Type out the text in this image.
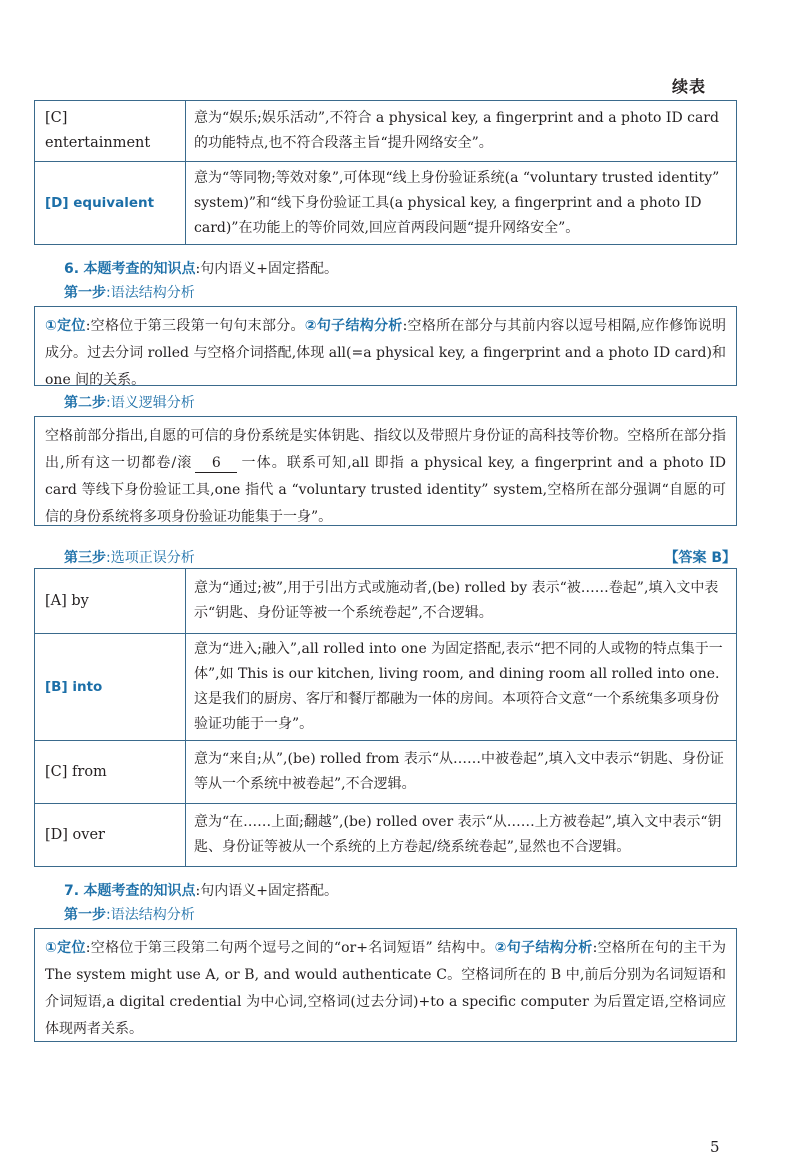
续表
[C] entertainment	意为“娱乐;娱乐活动”,不符合 a physical key, a fingerprint and a photo ID card 的功能特点,也不符合段落主旨“提升网络安全”。
[D] equivalent	意为“等同物;等效对象”,可体现“线上身份验证系统(a “voluntary trusted identity” system)”和“线下身份验证工具(a physical key, a fingerprint and a photo ID card)”在功能上的等价同效,回应首两段问题“提升网络安全”。
6. 本题考查的知识点:句内语义+固定搭配。
第一步:语法结构分析
①定位:空格位于第三段第一句句末部分。②句子结构分析:空格所在部分与其前内容以逗号相隔,应作修饰说明成分。过去分词 rolled 与空格介词搭配,体现 all(=a physical key, a fingerprint and a photo ID card)和 one 间的关系。
第二步:语义逻辑分析
空格前部分指出,自愿的可信的身份系统是实体钥匙、指纹以及带照片身份证的高科技等价物。空格所在部分指出,所有这一切都卷/滚 6 一体。联系可知,all 即指 a physical key, a fingerprint and a photo ID card 等线下身份验证工具,one 指代 a “voluntary trusted identity” system,空格所在部分强调“自愿的可信的身份系统将多项身份验证功能集于一身”。
第三步:选项正误分析	【答案 B】
[A] by	意为“通过;被”,用于引出方式或施动者,(be) rolled by 表示“被……卷起”,填入文中表示“钥匙、身份证等被一个系统卷起”,不合逻辑。
[B] into	意为“进入;融入”,all rolled into one 为固定搭配,表示“把不同的人或物的特点集于一体”,如 This is our kitchen, living room, and dining room all rolled into one. 这是我们的厨房、客厅和餐厅都融为一体的房间。本项符合文意“一个系统集多项身份验证功能于一身”。
[C] from	意为“来自;从”,(be) rolled from 表示“从……中被卷起”,填入文中表示“钥匙、身份证等从一个系统中被卷起”,不合逻辑。
[D] over	意为“在……上面;翻越”,(be) rolled over 表示“从……上方被卷起”,填入文中表示“钥匙、身份证等被从一个系统的上方卷起/绕系统卷起”,显然也不合逻辑。
7. 本题考查的知识点:句内语义+固定搭配。
第一步:语法结构分析
①定位:空格位于第三段第二句两个逗号之间的“or+名词短语” 结构中。②句子结构分析:空格所在句的主干为 The system might use A, or B, and would authenticate C。空格词所在的 B 中,前后分别为名词短语和介词短语,a digital credential 为中心词,空格词(过去分词)+to a specific computer 为后置定语,空格词应体现两者关系。
5
